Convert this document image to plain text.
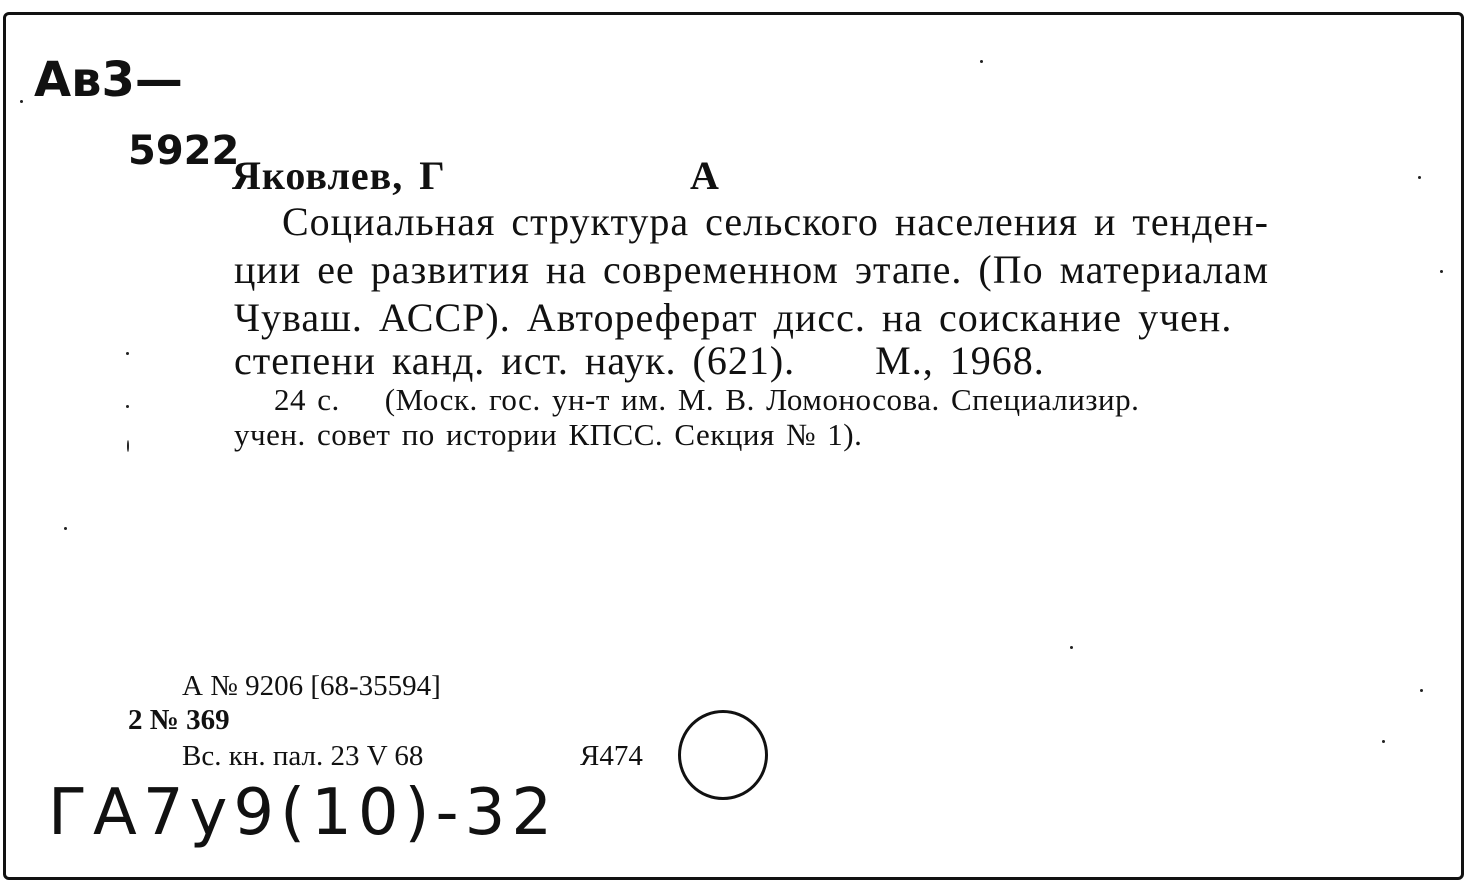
Ав3—
5922
ГА7у9(10)-32
Яковлев, Г	А
Социальная структура сельского населения и тенден-
ции ее развития на современном этапе. (По материалам
Чуваш. АССР). Автореферат дисс. на соискание учен.
степени канд. ист. наук. (621).     М., 1968.
24 с.    (Моск. гос. ун-т им. М. В. Ломоносова. Специализир.
учен. совет по истории КПСС. Секция № 1).
А № 9206 [68-35594]
2 № 369
Вс. кн. пал. 23 V 68	Я474
